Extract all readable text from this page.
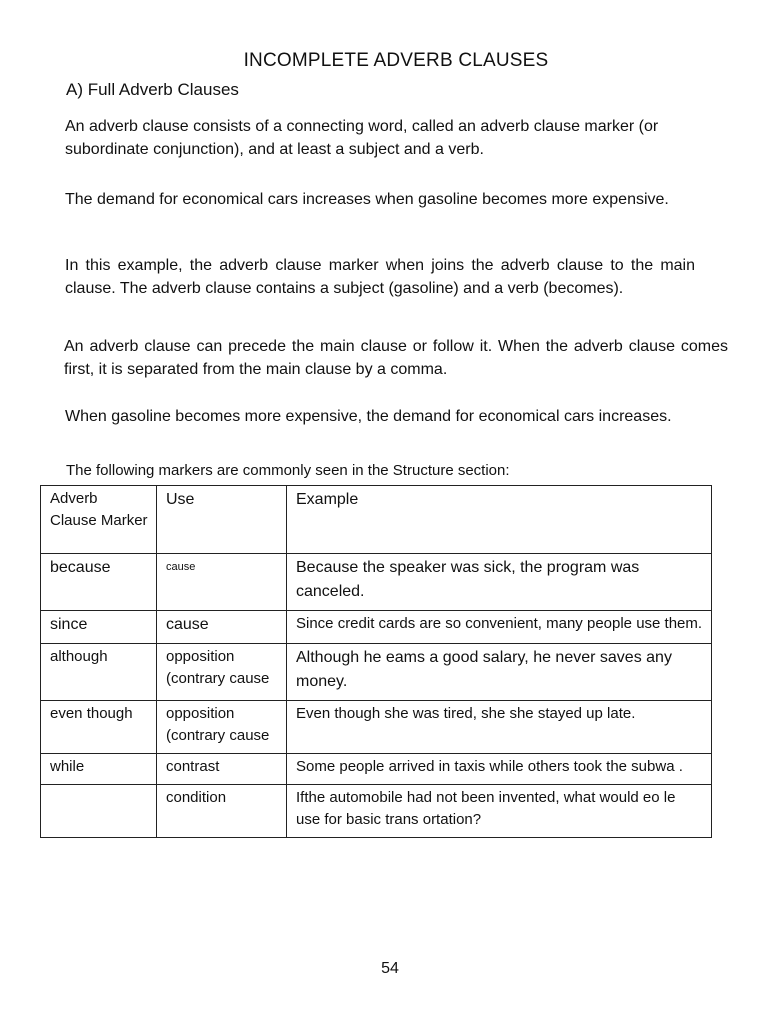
INCOMPLETE ADVERB CLAUSES
A) Full Adverb Clauses
An adverb clause consists of a connecting word, called an adverb clause marker (or subordinate conjunction), and at least a subject and a verb.
The demand for economical cars increases when gasoline becomes more expensive.
In this example, the adverb clause marker when joins the adverb clause to the main clause. The adverb clause contains a subject (gasoline) and a verb (becomes).
An adverb clause can precede the main clause or follow it. When the adverb clause comes first, it is separated from the main clause by a comma.
When gasoline becomes more expensive, the demand for economical cars increases.
The following markers are commonly seen in the Structure section:
Adverb Clause Marker	Use	Example
because	cause	Because the speaker was sick, the program was canceled.
since	cause	Since credit cards are so convenient, many people use them.
although	opposition (contrary cause	Although he eams a good salary, he never saves any money.
even though	opposition (contrary cause	Even though she was tired, she she stayed up late.
while	contrast	Some people arrived in taxis while others took the subwa .
	condition	Ifthe automobile had not been invented, what would eo le use for basic trans ortation?
54
